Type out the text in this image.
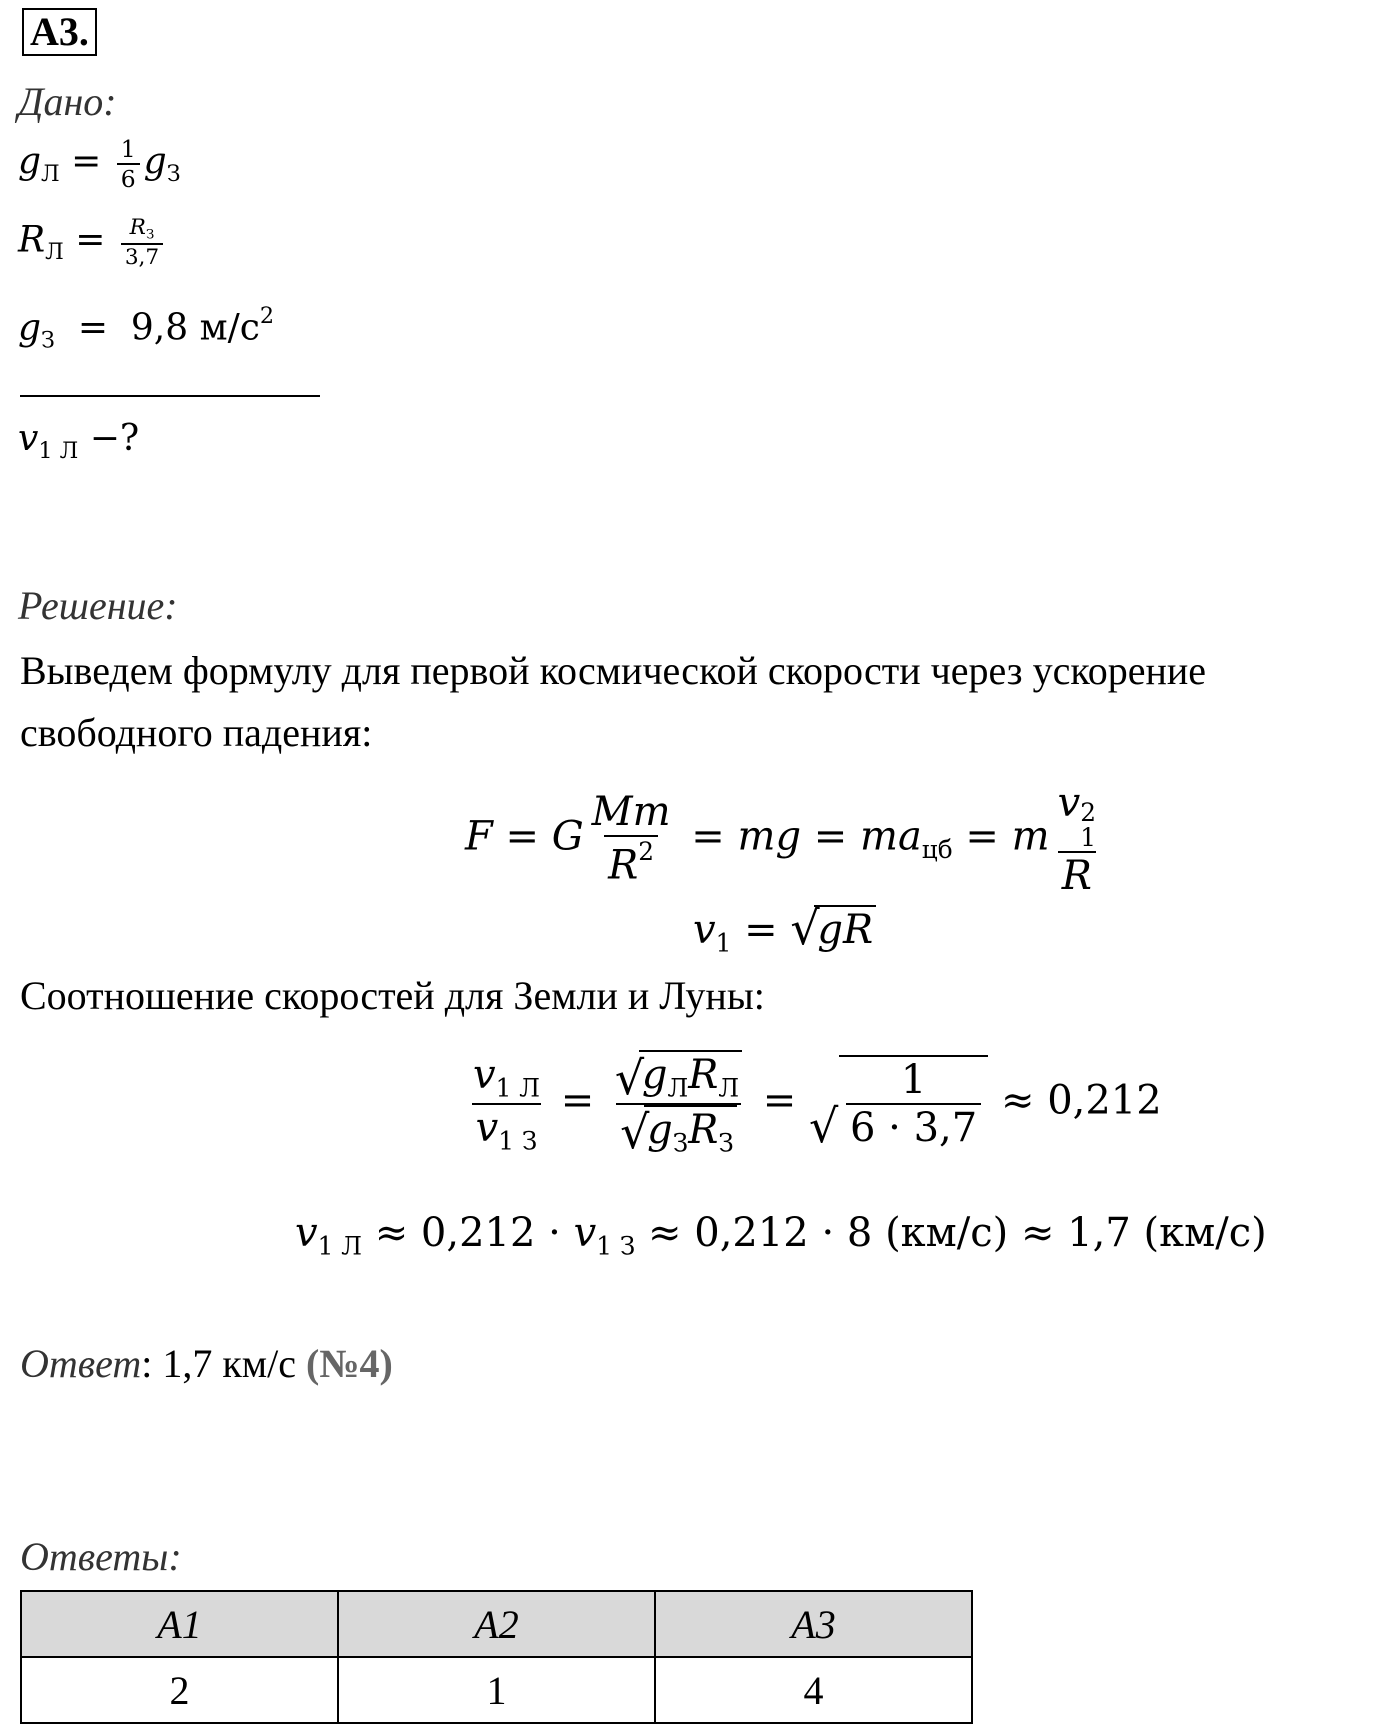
A3.
Дано:
$g_Л = \frac{1}{6} g_З$
$R_Л = \frac{R_З}{3,7}$
$g_З = 9,8$ $м/с^2$
$v_{1 Л}$ −?
Решение:
Выведем формулу для первой космической скорости через ускорение свободного падения:
F = G $\frac{Mm}{R^2}$ = mg = $ma_{цб} = m$ v 2
1
R
$v_1$ = √ gR
Соотношение скоростей для Земли и Луны:
$\frac{v_{1 Л}}{v_{1 З}}$ = √ $g_ЛR_Л$
√ $g_ЗR_З$ = √ $\frac{1}{6 \cdot 3,7} \approx 0,212$
$v_{1 Л} \approx 0,212 \cdot v_{1 З} \approx 0,212 \cdot 8$ (км/с) ≈ 1,7 (км/с)
Ответ: 1,7 км/с (№4)
Ответы:
A1	A2	A3
2	1	4
